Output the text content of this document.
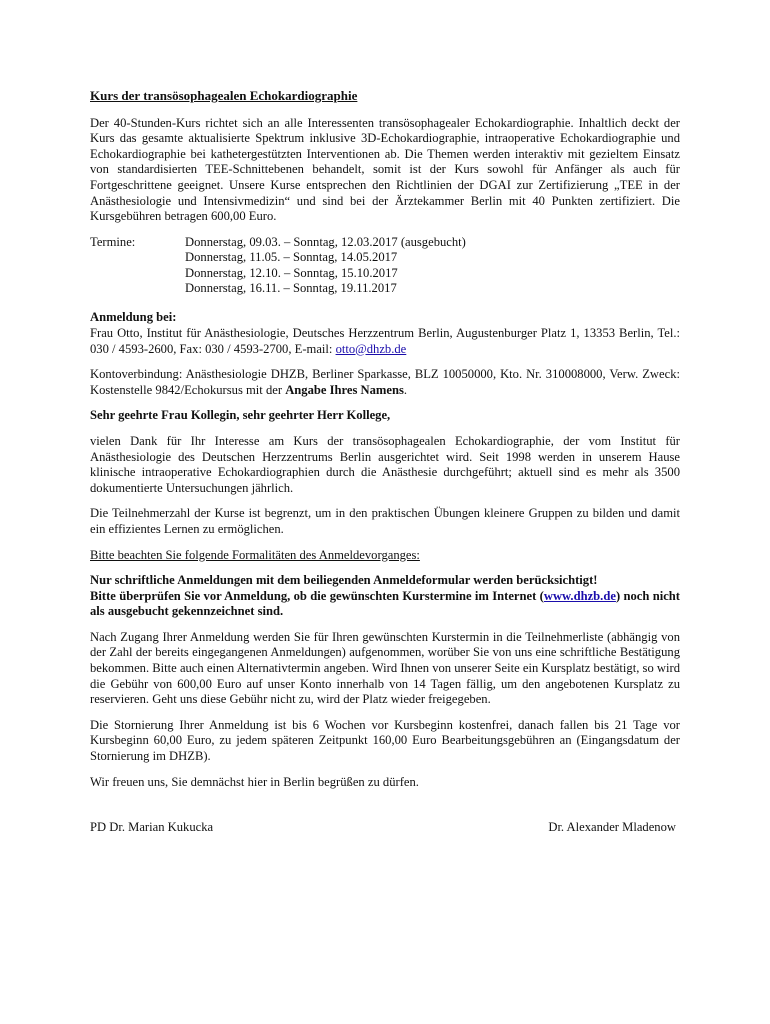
Kurs der transösophagealen Echokardiographie

Der 40-Stunden-Kurs richtet sich an alle Interessenten transösophagealer Echokardiographie. Inhaltlich deckt der Kurs das gesamte aktualisierte Spektrum inklusive 3D-Echokardiographie, intraoperative Echokardiographie und Echokardiographie bei kathetergestützten Interventionen ab. Die Themen werden interaktiv mit gezieltem Einsatz von standardisierten TEE-Schnittebenen behandelt, somit ist der Kurs sowohl für Anfänger als auch für Fortgeschrittene geeignet. Unsere Kurse entsprechen den Richtlinien der DGAI zur Zertifizierung „TEE in der Anästhesiologie und Intensivmedizin“ und sind bei der Ärztekammer Berlin mit 40 Punkten zertifiziert. Die Kursgebühren betragen 600,00 Euro.

Termine:	Donnerstag, 09.03. – Sonntag, 12.03.2017 (ausgebucht)
Donnerstag, 11.05. – Sonntag, 14.05.2017
Donnerstag, 12.10. – Sonntag, 15.10.2017
Donnerstag, 16.11. – Sonntag, 19.11.2017
Anmeldung bei:

Frau Otto, Institut für Anästhesiologie, Deutsches Herzzentrum Berlin, Augustenburger Platz 1, 13353 Berlin, Tel.: 030 / 4593-2600, Fax: 030 / 4593-2700, E-mail: otto@dhzb.de

Kontoverbindung: Anästhesiologie DHZB, Berliner Sparkasse, BLZ 10050000, Kto. Nr. 310008000, Verw. Zweck: Kostenstelle 9842/Echokursus mit der Angabe Ihres Namens.

Sehr geehrte Frau Kollegin, sehr geehrter Herr Kollege,

vielen Dank für Ihr Interesse am Kurs der transösophagealen Echokardiographie, der vom Institut für Anästhesiologie des Deutschen Herzzentrums Berlin ausgerichtet wird. Seit 1998 werden in unserem Hause klinische intraoperative Echokardiographien durch die Anästhesie durchgeführt; aktuell sind es mehr als 3500 dokumentierte Untersuchungen jährlich.

Die Teilnehmerzahl der Kurse ist begrenzt, um in den praktischen Übungen kleinere Gruppen zu bilden und damit ein effizientes Lernen zu ermöglichen.

Bitte beachten Sie folgende Formalitäten des Anmeldevorganges:

Nur schriftliche Anmeldungen mit dem beiliegenden Anmeldeformular werden berücksichtigt!
Bitte überprüfen Sie vor Anmeldung, ob die gewünschten Kurstermine im Internet (www.dhzb.de) noch nicht als ausgebucht gekennzeichnet sind.

Nach Zugang Ihrer Anmeldung werden Sie für Ihren gewünschten Kurstermin in die Teilnehmerliste (abhängig von der Zahl der bereits eingegangenen Anmeldungen) aufgenommen, worüber Sie von uns eine schriftliche Bestätigung bekommen. Bitte auch einen Alternativtermin angeben. Wird Ihnen von unserer Seite ein Kursplatz bestätigt, so wird die Gebühr von 600,00 Euro auf unser Konto innerhalb von 14 Tagen fällig, um den angebotenen Kursplatz zu reservieren. Geht uns diese Gebühr nicht zu, wird der Platz wieder freigegeben.

Die Stornierung Ihrer Anmeldung ist bis 6 Wochen vor Kursbeginn kostenfrei, danach fallen bis 21 Tage vor Kursbeginn 60,00 Euro, zu jedem späteren Zeitpunkt 160,00 Euro Bearbeitungsgebühren an (Eingangsdatum der Stornierung im DHZB).

Wir freuen uns, Sie demnächst hier in Berlin begrüßen zu dürfen.

PD Dr. Marian Kukucka	Dr. Alexander Mladenow
